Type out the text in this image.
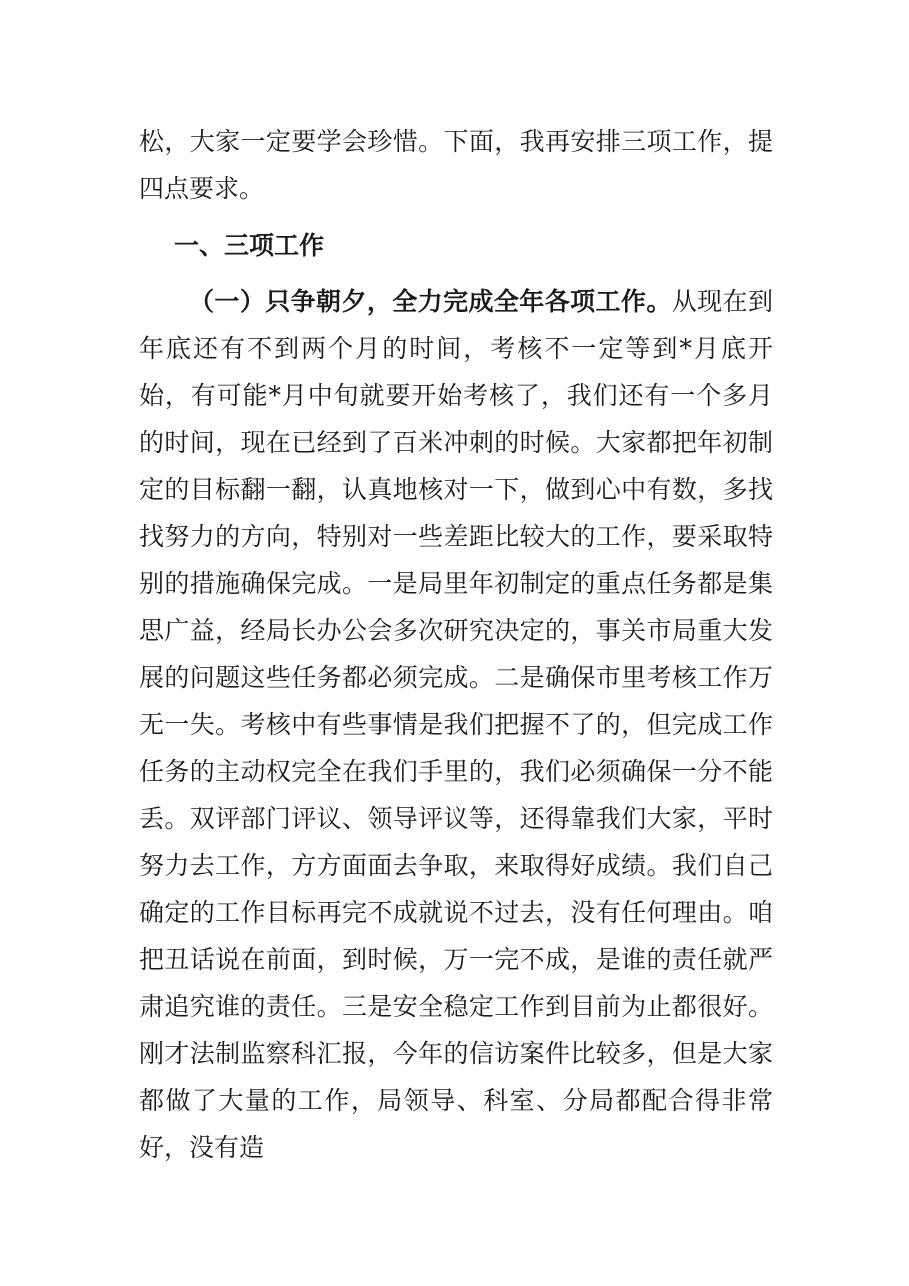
松，大家一定要学会珍惜。下面，我再安排三项工作，提四点要求。

一、三项工作

（一）只争朝夕，全力完成全年各项工作。从现在到年底还有不到两个月的时间，考核不一定等到*月底开始，有可能*月中旬就要开始考核了，我们还有一个多月的时间，现在已经到了百米冲刺的时候。大家都把年初制定的目标翻一翻，认真地核对一下，做到心中有数，多找找努力的方向，特别对一些差距比较大的工作，要采取特别的措施确保完成。一是局里年初制定的重点任务都是集思广益，经局长办公会多次研究决定的，事关市局重大发展的问题这些任务都必须完成。二是确保市里考核工作万无一失。考核中有些事情是我们把握不了的，但完成工作任务的主动权完全在我们手里的，我们必须确保一分不能丢。双评部门评议、领导评议等，还得靠我们大家，平时努力去工作，方方面面去争取，来取得好成绩。我们自己确定的工作目标再完不成就说不过去，没有任何理由。咱把丑话说在前面，到时候，万一完不成，是谁的责任就严肃追究谁的责任。三是安全稳定工作到目前为止都很好。刚才法制监察科汇报，今年的信访案件比较多，但是大家都做了大量的工作，局领导、科室、分局都配合得非常好，没有造
